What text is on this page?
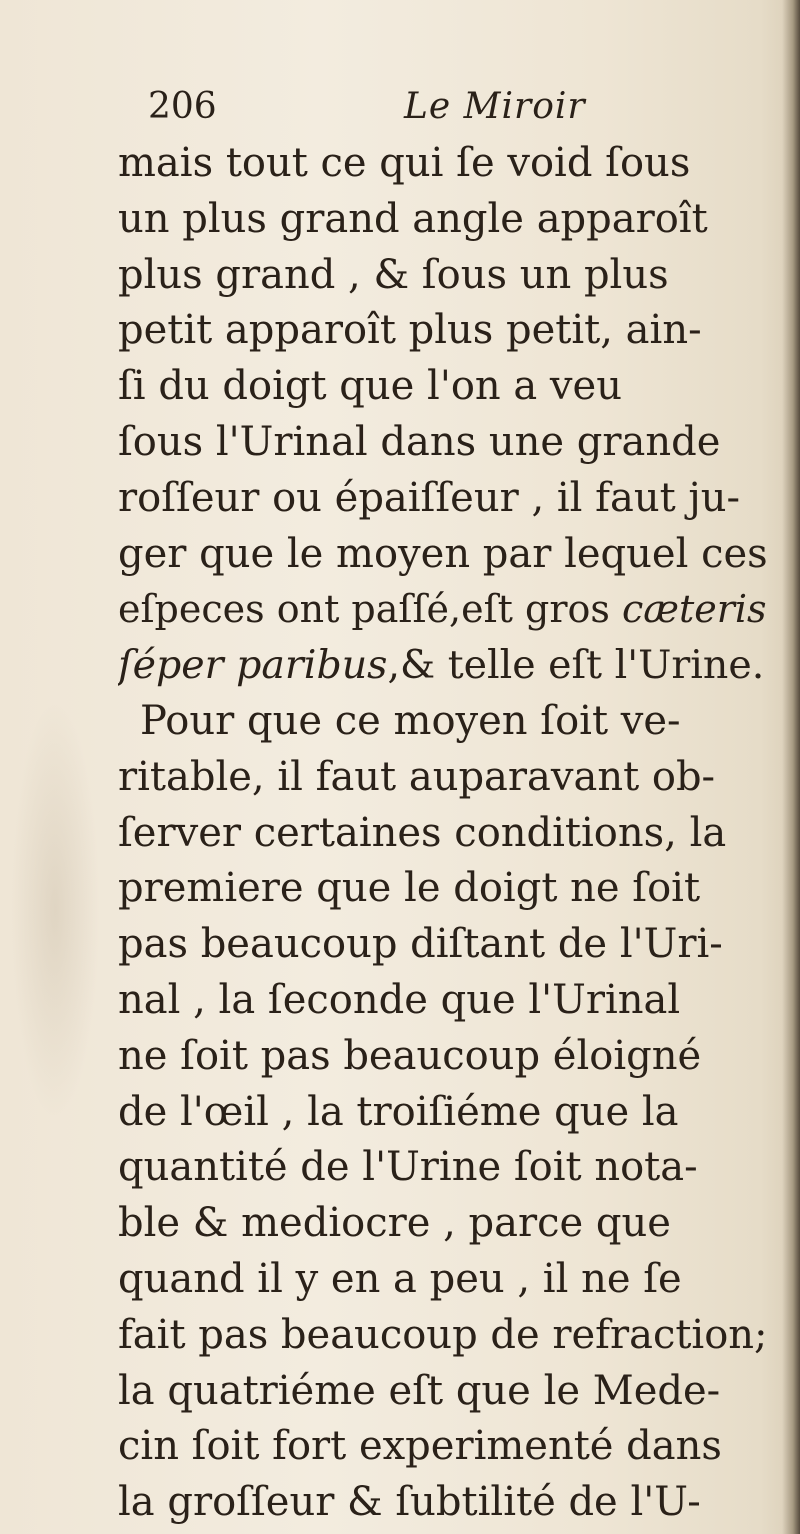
206	Le Miroir
mais tout ce qui ſe void ſous
un plus grand angle apparoît
plus grand , & ſous un plus
petit apparoît plus petit, ain-
ſi du doigt que l'on a veu
ſous l'Urinal dans une grande
roſſeur ou épaiſſeur , il faut ju-
ger que le moyen par lequel ces
eſpeces ont paſſé,eſt gros cæteris
ſéper paribus,& telle eſt l'Urine.
Pour que ce moyen ſoit ve-
ritable, il faut auparavant ob-
ſerver certaines conditions, la
premiere que le doigt ne ſoit
pas beaucoup diſtant de l'Uri-
nal , la ſeconde que l'Urinal
ne ſoit pas beaucoup éloigné
de l'œil , la troiſiéme que la
quantité de l'Urine ſoit nota-
ble & mediocre , parce que
quand il y en a peu , il ne ſe
fait pas beaucoup de refraction;
la quatriéme eſt que le Mede-
cin ſoit fort experimenté dans
la groſſeur & ſubtilité de l'U-
